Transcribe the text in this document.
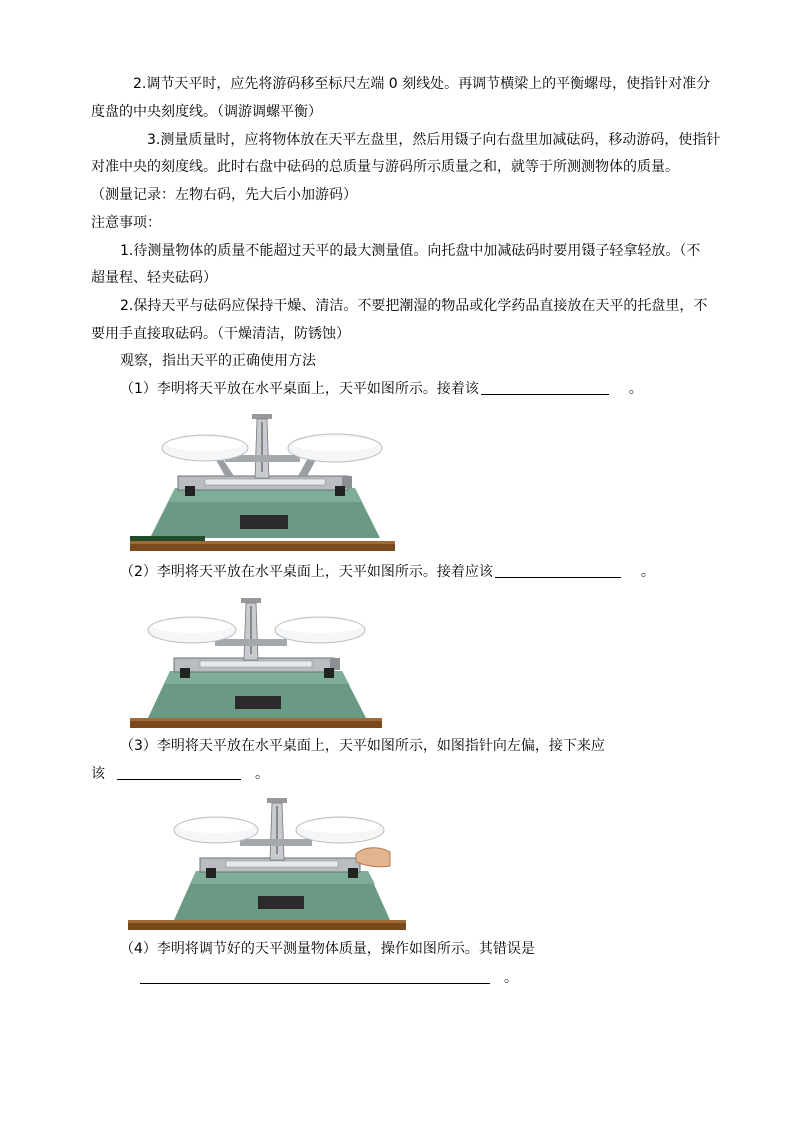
2.调节天平时，应先将游码移至标尺左端 0 刻线处。再调节横梁上的平衡螺母，使指针对准分
度盘的中央刻度线。（调游调螺平衡）
3.测量质量时，应将物体放在天平左盘里，然后用镊子向右盘里加减砝码，移动游码，使指针
对准中央的刻度线。此时右盘中砝码的总质量与游码所示质量之和，就等于所测测物体的质量。
（测量记录：左物右码，先大后小加游码）
注意事项：
1.待测量物体的质量不能超过天平的最大测量值。向托盘中加减砝码时要用镊子轻拿轻放。（不
超量程、轻夹砝码）
2.保持天平与砝码应保持干燥、清洁。不要把潮湿的物品或化学药品直接放在天平的托盘里，不
要用手直接取砝码。（干燥清洁，防锈蚀）
观察，指出天平的正确使用方法
（1）李明将天平放在水平桌面上，天平如图所示。接着该	。
（2）李明将天平放在水平桌面上，天平如图所示。接着应该	。
（3）李明将天平放在水平桌面上，天平如图所示，如图指针向左偏，接下来应
该	。
（4）李明将调节好的天平测量物体质量，操作如图所示。其错误是
。
